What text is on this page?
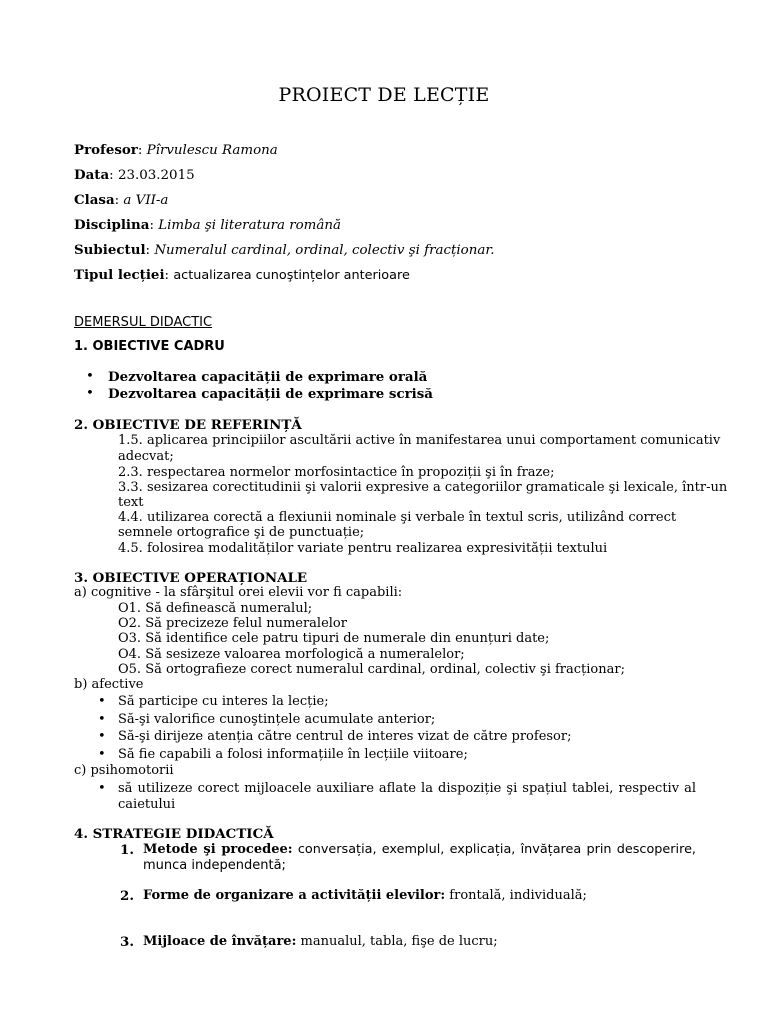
PROIECT DE LECȚIE
Profesor: Pîrvulescu Ramona
Data: 23.03.2015
Clasa: a VII-a
Disciplina: Limba şi literatura română
Subiectul: Numeralul cardinal, ordinal, colectiv şi fracționar.
Tipul lecției: actualizarea cunoştințelor anterioare
DEMERSUL DIDACTIC
1. OBIECTIVE CADRU
• Dezvoltarea capacității de exprimare orală
• Dezvoltarea capacității de exprimare scrisă
2. OBIECTIVE DE REFERINȚĂ
1.5. aplicarea principiilor ascultării active în manifestarea unui comportament comunicativ
adecvat;
2.3. respectarea normelor morfosintactice în propoziții şi în fraze;
3.3. sesizarea corectitudinii şi valorii expresive a categoriilor gramaticale şi lexicale, într-un
text
4.4. utilizarea corectă a flexiunii nominale şi verbale în textul scris, utilizând correct
semnele ortografice şi de punctuație;
4.5. folosirea modalităților variate pentru realizarea expresivității textului
3. OBIECTIVE OPERAȚIONALE
a) cognitive - la sfârşitul orei elevii vor fi capabili:
O1. Să definească numeralul;
O2. Să precizeze felul numeralelor
O3. Să identifice cele patru tipuri de numerale din enunțuri date;
O4. Să sesizeze valoarea morfologică a numeralelor;
O5. Să ortografieze corect numeralul cardinal, ordinal, colectiv şi fracționar;
b) afective
• Să participe cu interes la lecție;
• Să-şi valorifice cunoştințele acumulate anterior;
• Să-şi dirijeze atenția către centrul de interes vizat de către profesor;
• Să fie capabili a folosi informațiile în lecțiile viitoare;
c) psihomotorii
• să utilizeze corect mijloacele auxiliare aflate la dispoziție şi spațiul tablei, respectiv al
caietului
4. STRATEGIE DIDACTICĂ
1. Metode şi procedee: conversația, exemplul, explicația, învățarea prin descoperire,
munca independentă;
2. Forme de organizare a activității elevilor: frontală, individuală;
3. Mijloace de învățare: manualul, tabla, fişe de lucru;
